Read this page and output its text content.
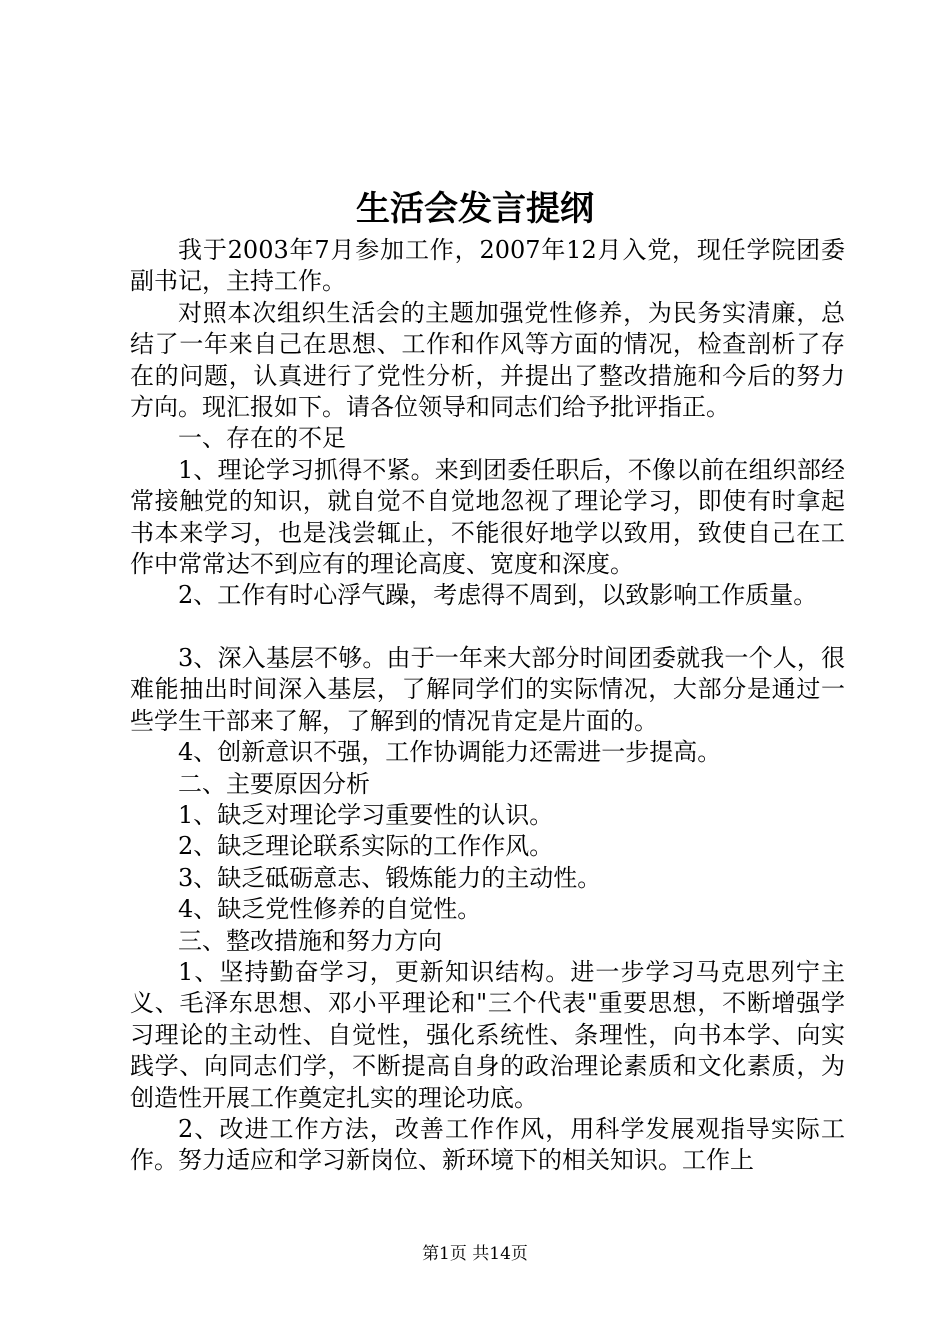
生活会发言提纲

我于2003年7月参加工作，2007年12月入党，现任学院团委副书记，主持工作。

对照本次组织生活会的主题加强党性修养，为民务实清廉，总结了一年来自己在思想、工作和作风等方面的情况，检查剖析了存在的问题，认真进行了党性分析，并提出了整改措施和今后的努力方向。现汇报如下。请各位领导和同志们给予批评指正。

一、存在的不足

1、理论学习抓得不紧。来到团委任职后，不像以前在组织部经常接触党的知识，就自觉不自觉地忽视了理论学习，即使有时拿起书本来学习，也是浅尝辄止，不能很好地学以致用，致使自己在工作中常常达不到应有的理论高度、宽度和深度。

2、工作有时心浮气躁，考虑得不周到，以致影响工作质量。

3、深入基层不够。由于一年来大部分时间团委就我一个人，很难能抽出时间深入基层，了解同学们的实际情况，大部分是通过一些学生干部来了解，了解到的情况肯定是片面的。

4、创新意识不强，工作协调能力还需进一步提高。

二、主要原因分析

1、缺乏对理论学习重要性的认识。

2、缺乏理论联系实际的工作作风。

3、缺乏砥砺意志、锻炼能力的主动性。

4、缺乏党性修养的自觉性。

三、整改措施和努力方向

1、坚持勤奋学习，更新知识结构。进一步学习马克思列宁主义、毛泽东思想、邓小平理论和"三个代表"重要思想，不断增强学习理论的主动性、自觉性，强化系统性、条理性，向书本学、向实践学、向同志们学，不断提高自身的政治理论素质和文化素质，为创造性开展工作奠定扎实的理论功底。

2、改进工作方法，改善工作作风，用科学发展观指导实际工作。努力适应和学习新岗位、新环境下的相关知识。工作上

第1页 共14页
